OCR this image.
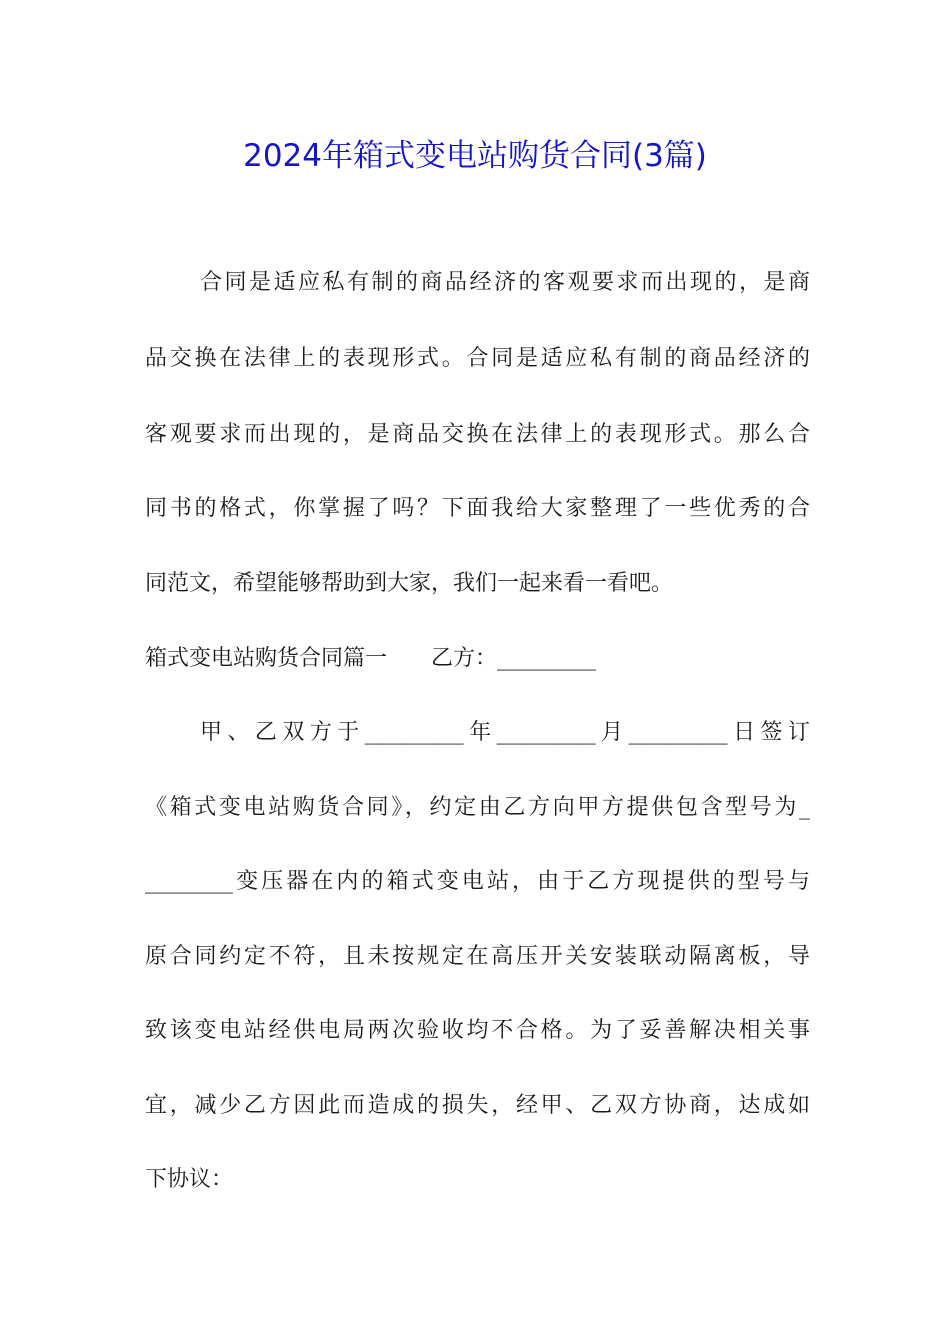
2024年箱式变电站购货合同(3篇)
合同是适应私有制的商品经济的客观要求而出现的，是商
品交换在法律上的表现形式。合同是适应私有制的商品经济的
客观要求而出现的，是商品交换在法律上的表现形式。那么合
同书的格式，你掌握了吗？下面我给大家整理了一些优秀的合
同范文，希望能够帮助到大家，我们一起来看一看吧。
箱式变电站购货合同篇一　　乙方：_________
甲、乙双方于_________年_________月_________日签订
《箱式变电站购货合同》，约定由乙方向甲方提供包含型号为_
________变压器在内的箱式变电站，由于乙方现提供的型号与
原合同约定不符，且未按规定在高压开关安装联动隔离板，导
致该变电站经供电局两次验收均不合格。为了妥善解决相关事
宜，减少乙方因此而造成的损失，经甲、乙双方协商，达成如
下协议：
